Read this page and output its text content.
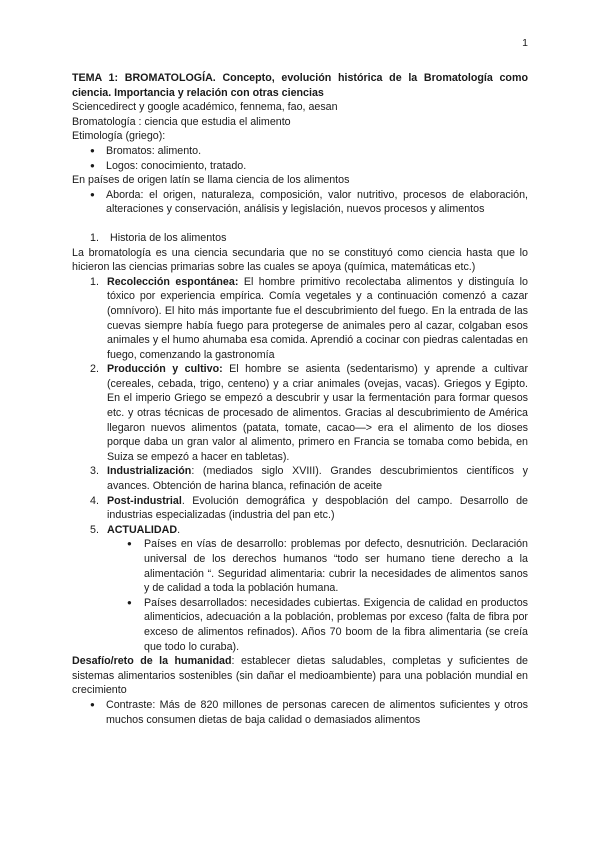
1

TEMA 1: BROMATOLOGÍA. Concepto, evolución histórica de la Bromatología como ciencia. Importancia y relación con otras ciencias

Sciencedirect y google académico, fennema, fao, aesan

Bromatología : ciencia que estudia el alimento

Etimología (griego):

●	Bromatos: alimento.
●	Logos: conocimiento, tratado.

En países de origen latín se llama ciencia de los alimentos

●	Aborda: el origen, naturaleza, composición, valor nutritivo, procesos de elaboración, alteraciones y conservación, análisis y legislación, nuevos procesos y alimentos
1.	Historia de los alimentos

La bromatología es una ciencia secundaria que no se constituyó como ciencia hasta que lo hicieron las ciencias primarias sobre las cuales se apoya (química, matemáticas etc.)

1. Recolección espontánea: El hombre primitivo recolectaba alimentos y distinguía lo tóxico por experiencia empírica. Comía vegetales y a continuación comenzó a cazar (omnívoro). El hito más importante fue el descubrimiento del fuego. En la entrada de las cuevas siempre había fuego para protegerse de animales pero al cazar, colgaban esos animales y el humo ahumaba esa comida. Aprendió a cocinar con piedras calentadas en fuego, comenzando la gastronomía
2. Producción y cultivo: El hombre se asienta (sedentarismo) y aprende a cultivar (cereales, cebada, trigo, centeno) y a criar animales (ovejas, vacas). Griegos y Egipto. En el imperio Griego se empezó a descubrir y usar la fermentación para formar quesos etc. y otras técnicas de procesado de alimentos. Gracias al descubrimiento de América llegaron nuevos alimentos (patata, tomate, cacao—> era el alimento de los dioses porque daba un gran valor al alimento, primero en Francia se tomaba como bebida, en Suiza se empezó a hacer en tabletas).
3. Industrialización: (mediados siglo XVIII). Grandes descubrimientos científicos y avances. Obtención de harina blanca, refinación de aceite
4. Post-industrial. Evolución demográfica y despoblación del campo. Desarrollo de industrias especializadas (industria del pan etc.)
5. ACTUALIDAD.
●	Países en vías de desarrollo: problemas por defecto, desnutrición. Declaración universal de los derechos humanos “todo ser humano tiene derecho a la alimentación “. Seguridad alimentaria: cubrir la necesidades de alimentos sanos y de calidad a toda la población humana.
●	Países desarrollados: necesidades cubiertas. Exigencia de calidad en productos alimenticios, adecuación a la población, problemas por exceso (falta de fibra por exceso de alimentos refinados). Años 70 boom de la fibra alimentaria (se creía que todo lo curaba).

Desafío/reto de la humanidad: establecer dietas saludables, completas y suficientes de sistemas alimentarios sostenibles (sin dañar el medioambiente) para una población mundial en crecimiento

●	Contraste: Más de 820 millones de personas carecen de alimentos suficientes y otros muchos consumen dietas de baja calidad o demasiados alimentos
